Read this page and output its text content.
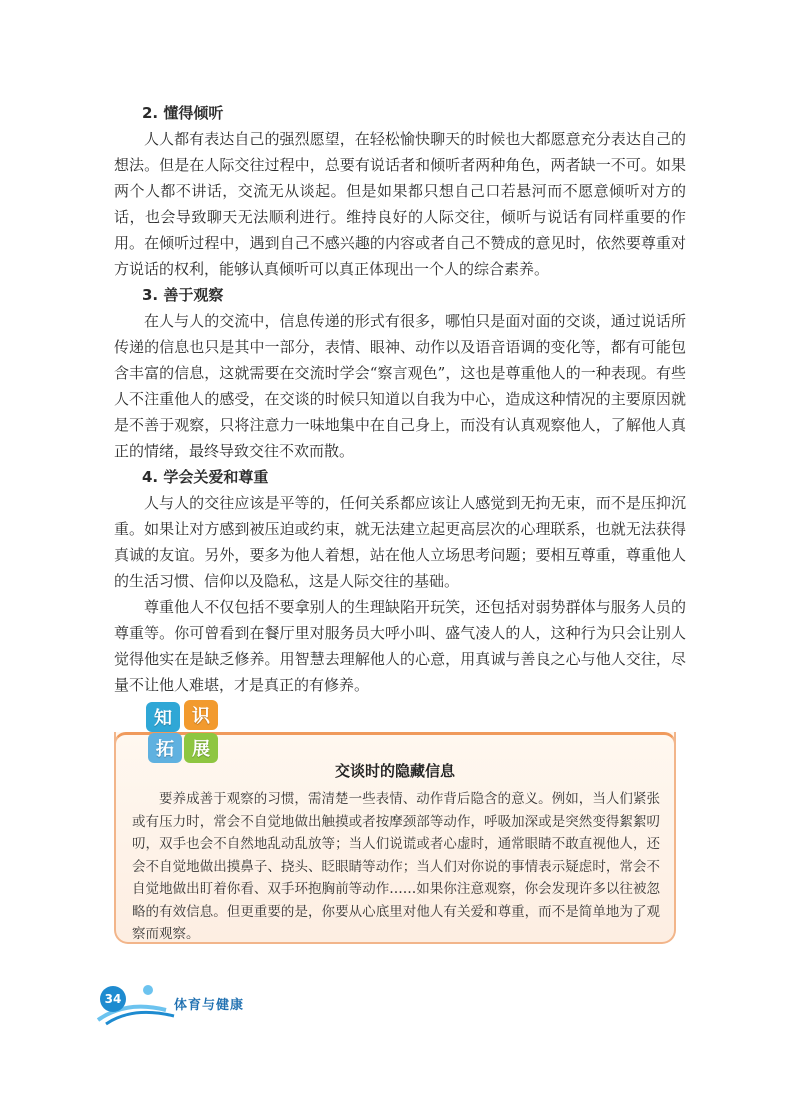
2. 懂得倾听

人人都有表达自己的强烈愿望，在轻松愉快聊天的时候也大都愿意充分表达自己的想法。但是在人际交往过程中，总要有说话者和倾听者两种角色，两者缺一不可。如果两个人都不讲话，交流无从谈起。但是如果都只想自己口若悬河而不愿意倾听对方的话，也会导致聊天无法顺利进行。维持良好的人际交往，倾听与说话有同样重要的作用。在倾听过程中，遇到自己不感兴趣的内容或者自己不赞成的意见时，依然要尊重对方说话的权利，能够认真倾听可以真正体现出一个人的综合素养。

3. 善于观察

在人与人的交流中，信息传递的形式有很多，哪怕只是面对面的交谈，通过说话所传递的信息也只是其中一部分，表情、眼神、动作以及语音语调的变化等，都有可能包含丰富的信息，这就需要在交流时学会“察言观色”，这也是尊重他人的一种表现。有些人不注重他人的感受，在交谈的时候只知道以自我为中心，造成这种情况的主要原因就是不善于观察，只将注意力一味地集中在自己身上，而没有认真观察他人，了解他人真正的情绪，最终导致交往不欢而散。

4. 学会关爱和尊重

人与人的交往应该是平等的，任何关系都应该让人感觉到无拘无束，而不是压抑沉重。如果让对方感到被压迫或约束，就无法建立起更高层次的心理联系，也就无法获得真诚的友谊。另外，要多为他人着想，站在他人立场思考问题；要相互尊重，尊重他人的生活习惯、信仰以及隐私，这是人际交往的基础。

尊重他人不仅包括不要拿别人的生理缺陷开玩笑，还包括对弱势群体与服务人员的尊重等。你可曾看到在餐厅里对服务员大呼小叫、盛气凌人的人，这种行为只会让别人觉得他实在是缺乏修养。用智慧去理解他人的心意，用真诚与善良之心与他人交往，尽量不让他人难堪，才是真正的有修养。

知	识
拓	展
交谈时的隐藏信息

要养成善于观察的习惯，需清楚一些表情、动作背后隐含的意义。例如，当人们紧张或有压力时，常会不自觉地做出触摸或者按摩颈部等动作，呼吸加深或是突然变得絮絮叨叨，双手也会不自然地乱动乱放等；当人们说谎或者心虚时，通常眼睛不敢直视他人，还会不自觉地做出摸鼻子、挠头、眨眼睛等动作；当人们对你说的事情表示疑虑时，常会不自觉地做出盯着你看、双手环抱胸前等动作……如果你注意观察，你会发现许多以往被忽略的有效信息。但更重要的是，你要从心底里对他人有关爱和尊重，而不是简单地为了观察而观察。

34	体育与健康
